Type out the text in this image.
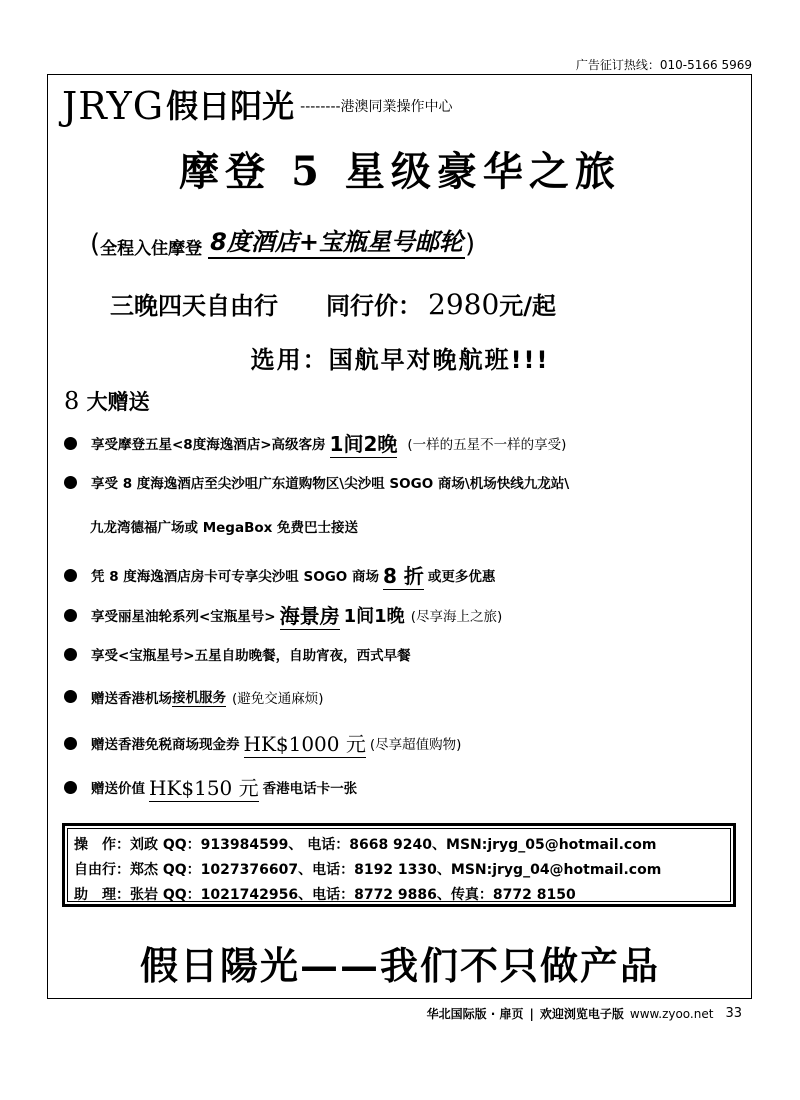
广告征订热线：010-5166 5969
JRYG 假日阳光 --------港澳同業操作中心
摩登 5 星级豪华之旅
( 全程入住摩登 8度酒店+宝瓶星号邮轮 )
三晚四天自由行 同行价： 2980 元/起
选用：国航早对晚航班!!!
8 大赠送
享受摩登五星<8度海逸酒店>高级客房 1间2晚 (一样的五星不一样的享受)
享受 8 度海逸酒店至尖沙咀广东道购物区\尖沙咀 SOGO 商场\机场快线九龙站\
九龙湾德福广场或 MegaBox 免费巴士接送
凭 8 度海逸酒店房卡可专享尖沙咀 SOGO 商场 8 折 或更多优惠
享受丽星油轮系列<宝瓶星号> 海景房 1间1晚 (尽享海上之旅)
享受<宝瓶星号>五星自助晚餐，自助宵夜，西式早餐
赠送香港机场 接机服务 (避免交通麻烦)
赠送香港免税商场现金券 HK$1000 元 (尽享超值购物)
赠送价值 HK$150 元 香港电话卡一张
操　作：刘政 QQ：913984599、 电话：8668 9240、MSN:jryg_05@hotmail.com
自由行：郑杰 QQ：1027376607、电话：8192 1330、MSN:jryg_04@hotmail.com
助　理：张岩 QQ：1021742956、电话：8772 9886、传真：8772 8150
假日陽光——我们不只做产品
华北国际版 · 扉页 | 欢迎浏览电子版 www.zyoo.net 33
